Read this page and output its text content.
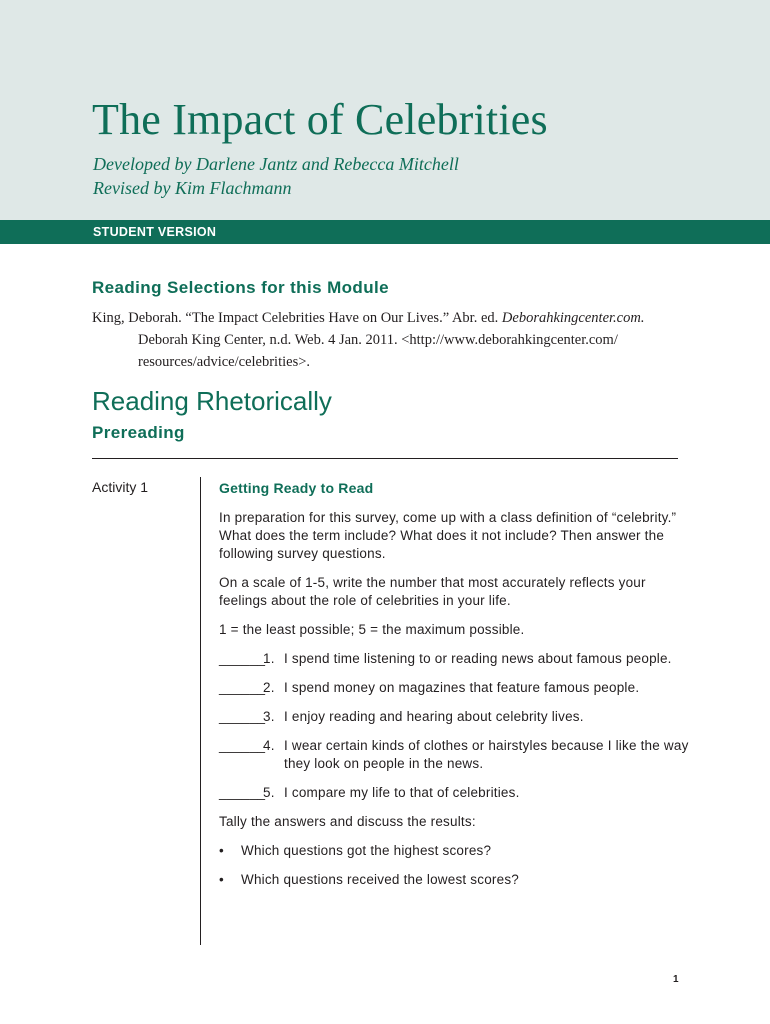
The Impact of Celebrities
Developed by Darlene Jantz and Rebecca Mitchell
Revised by Kim Flachmann
STUDENT VERSION
Reading Selections for this Module
King, Deborah. “The Impact Celebrities Have on Our Lives.” Abr. ed. Deborahkingcenter.com.
Deborah King Center, n.d. Web. 4 Jan. 2011. <http://www.deborahkingcenter.com/
resources/advice/celebrities>.
Reading Rhetorically
Prereading
Activity 1	Getting Ready to Read

In preparation for this survey, come up with a class definition of “celebrity.” What does the term include? What does it not include? Then answer the following survey questions.

On a scale of 1-5, write the number that most accurately reflects your feelings about the role of celebrities in your life.

1 = the least possible; 5 = the maximum possible.

______
1. I spend time listening to or reading news about famous people.
______
2. I spend money on magazines that feature famous people.
______
3. I enjoy reading and hearing about celebrity lives.
______
4. I wear certain kinds of clothes or hairstyles because I like the way they look on people in the news.
______
5. I compare my life to that of celebrities.

Tally the answers and discuss the results:

•	Which questions got the highest scores?
•	Which questions received the lowest scores?
1
